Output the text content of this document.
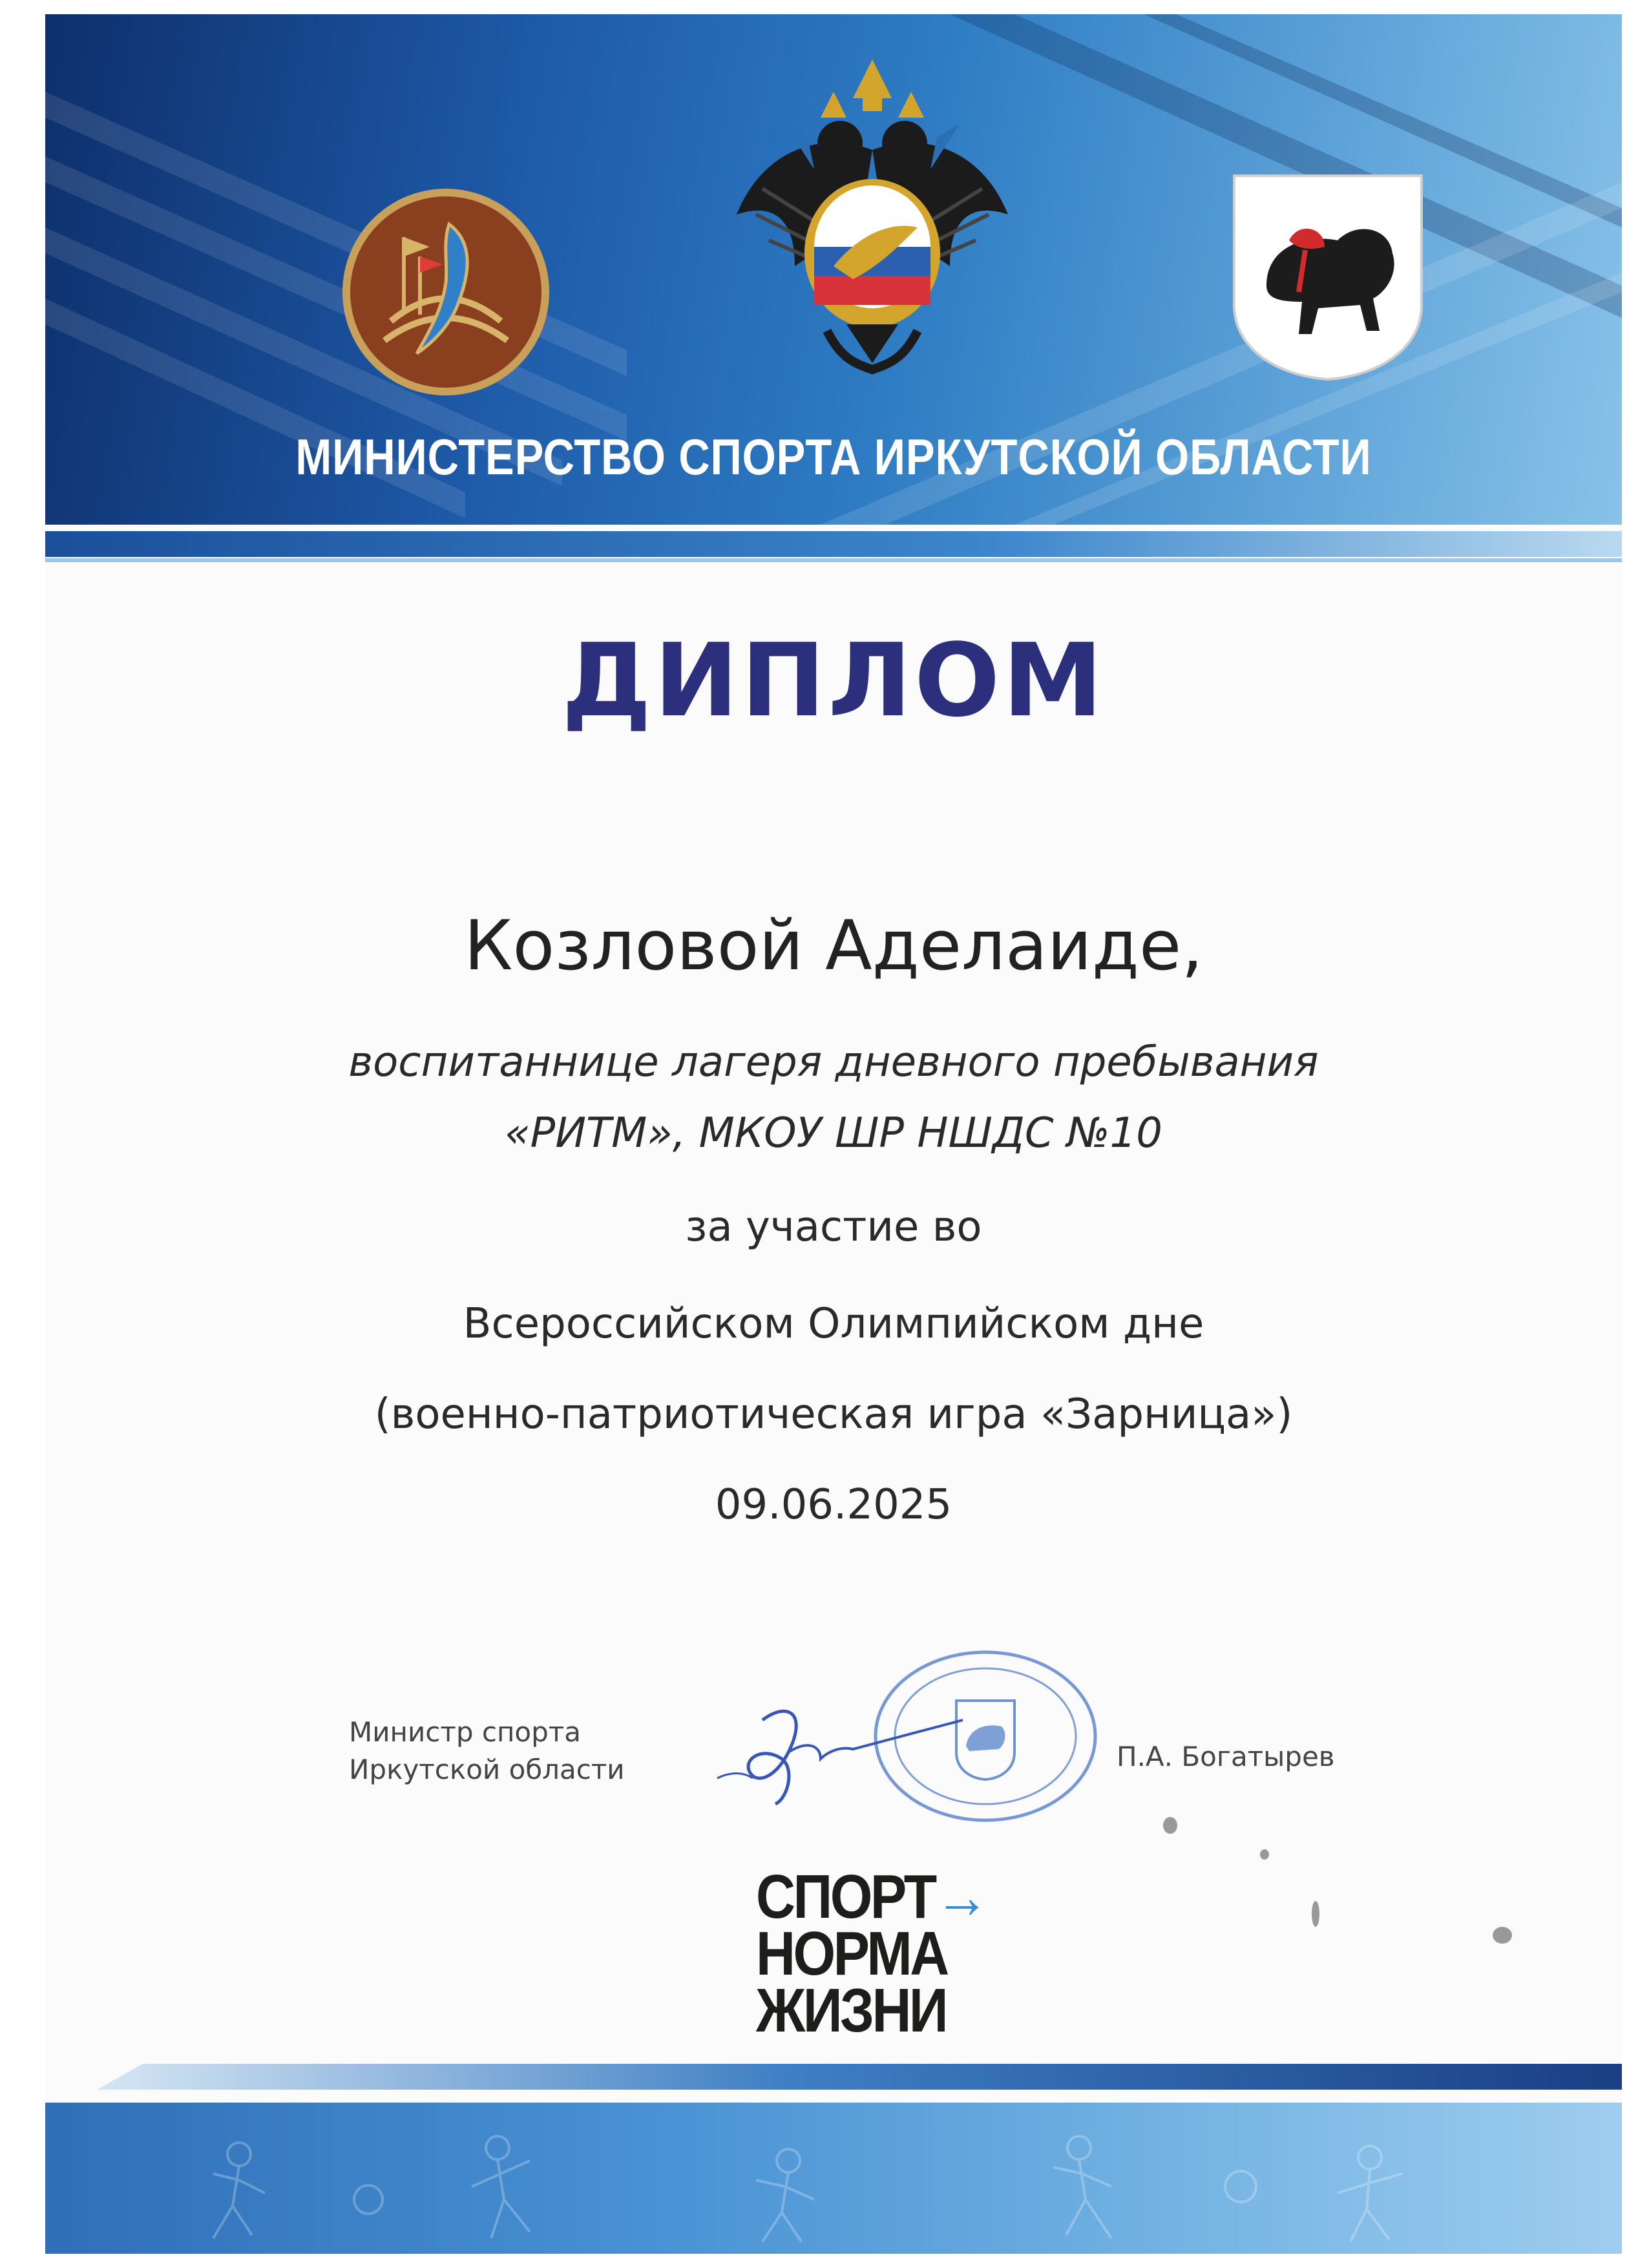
МИНИСТЕРСТВО СПОРТА ИРКУТСКОЙ ОБЛАСТИ
ДИПЛОМ
Козловой Аделаиде,
воспитаннице лагеря дневного пребывания
«РИТМ», МКОУ ШР НШДС №10
за участие во
Всероссийском Олимпийском дне
(военно-патриотическая игра «Зарница»)
09.06.2025
Министр спорта
Иркутской области	П.А. Богатырев
СПОРТ→
НОРМА
ЖИЗНИ
